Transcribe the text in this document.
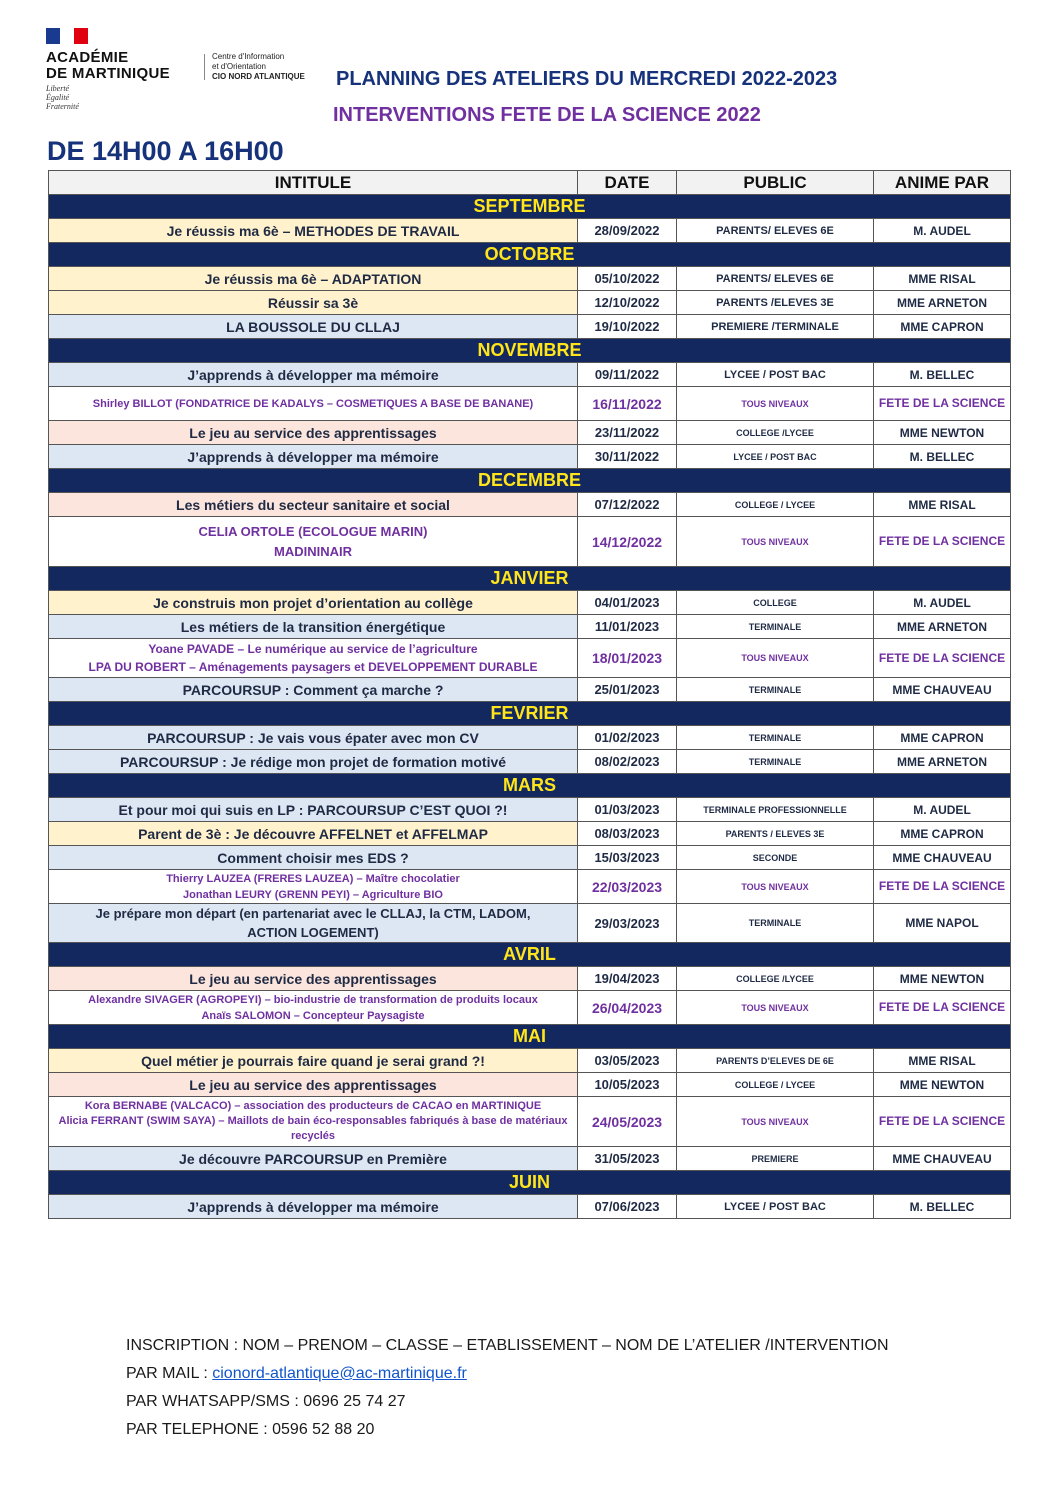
ACADÉMIE
DE MARTINIQUE
Liberté
Égalité
Fraternité
Centre d'Information
et d'Orientation
CIO NORD ATLANTIQUE PLANNING DES ATELIERS DU MERCREDI 2022-2023
INTERVENTIONS FETE DE LA SCIENCE 2022
DE 14H00 A 16H00
INTITULE	DATE	PUBLIC	ANIME PAR
SEPTEMBRE			
Je réussis ma 6è – METHODES DE TRAVAIL	28/09/2022	PARENTS/ ELEVES 6E	M. AUDEL
OCTOBRE			
Je réussis ma 6è – ADAPTATION	05/10/2022	PARENTS/ ELEVES 6E	MME RISAL
Réussir sa 3è	12/10/2022	PARENTS /ELEVES 3E	MME ARNETON
LA BOUSSOLE DU CLLAJ	19/10/2022	PREMIERE /TERMINALE	MME CAPRON
NOVEMBRE			
J’apprends à développer ma mémoire	09/11/2022	LYCEE / POST BAC	M. BELLEC
Shirley BILLOT (FONDATRICE DE KADALYS – COSMETIQUES A BASE DE BANANE)	16/11/2022	TOUS NIVEAUX	FETE DE LA SCIENCE
Le jeu au service des apprentissages	23/11/2022	COLLEGE /LYCEE	MME NEWTON
J’apprends à développer ma mémoire	30/11/2022	LYCEE / POST BAC	M. BELLEC
DECEMBRE			
Les métiers du secteur sanitaire et social	07/12/2022	COLLEGE / LYCEE	MME RISAL

CELIA ORTOLE (ECOLOGUE MARIN)
MADININAIR	14/12/2022	TOUS NIVEAUX	FETE DE LA SCIENCE
JANVIER			
Je construis mon projet d’orientation au collège	04/01/2023	COLLEGE	M. AUDEL
Les métiers de la transition énergétique	11/01/2023	TERMINALE	MME ARNETON

Yoane PAVADE – Le numérique au service de l’agriculture
LPA DU ROBERT – Aménagements paysagers et DEVELOPPEMENT DURABLE	18/01/2023	TOUS NIVEAUX	FETE DE LA SCIENCE
PARCOURSUP : Comment ça marche ?	25/01/2023	TERMINALE	MME CHAUVEAU
FEVRIER			
PARCOURSUP : Je vais vous épater avec mon CV	01/02/2023	TERMINALE	MME CAPRON
PARCOURSUP : Je rédige mon projet de formation motivé	08/02/2023	TERMINALE	MME ARNETON
MARS			
Et pour moi qui suis en LP : PARCOURSUP C’EST QUOI ?!	01/03/2023	TERMINALE PROFESSIONNELLE	M. AUDEL
Parent de 3è : Je découvre AFFELNET et AFFELMAP	08/03/2023	PARENTS / ELEVES 3E	MME CAPRON
Comment choisir mes EDS ?	15/03/2023	SECONDE	MME CHAUVEAU

Thierry LAUZEA (FRERES LAUZEA) – Maître chocolatier
Jonathan LEURY (GRENN PEYI) – Agriculture BIO	22/03/2023	TOUS NIVEAUX	FETE DE LA SCIENCE

Je prépare mon départ (en partenariat avec le CLLAJ, la CTM, LADOM,
ACTION LOGEMENT)	29/03/2023	TERMINALE	MME NAPOL
AVRIL			
Le jeu au service des apprentissages	19/04/2023	COLLEGE /LYCEE	MME NEWTON

Alexandre SIVAGER (AGROPEYI) – bio-industrie de transformation de produits locaux
Anaïs SALOMON – Concepteur Paysagiste	26/04/2023	TOUS NIVEAUX	FETE DE LA SCIENCE
MAI			
Quel métier je pourrais faire quand je serai grand ?!	03/05/2023	PARENTS D’ELEVES DE 6E	MME RISAL
Le jeu au service des apprentissages	10/05/2023	COLLEGE / LYCEE	MME NEWTON

Kora BERNABE (VALCACO) – association des producteurs de CACAO en MARTINIQUE
Alicia FERRANT (SWIM SAYA) – Maillots de bain éco-responsables fabriqués à base de matériaux recyclés	24/05/2023	TOUS NIVEAUX	FETE DE LA SCIENCE
Je découvre PARCOURSUP en Première	31/05/2023	PREMIERE	MME CHAUVEAU
JUIN			
J’apprends à développer ma mémoire	07/06/2023	LYCEE / POST BAC	M. BELLEC
INSCRIPTION : NOM – PRENOM – CLASSE – ETABLISSEMENT – NOM DE L’ATELIER /INTERVENTION
PAR MAIL : cionord-atlantique@ac-martinique.fr
PAR WHATSAPP/SMS : 0696 25 74 27
PAR TELEPHONE : 0596 52 88 20
